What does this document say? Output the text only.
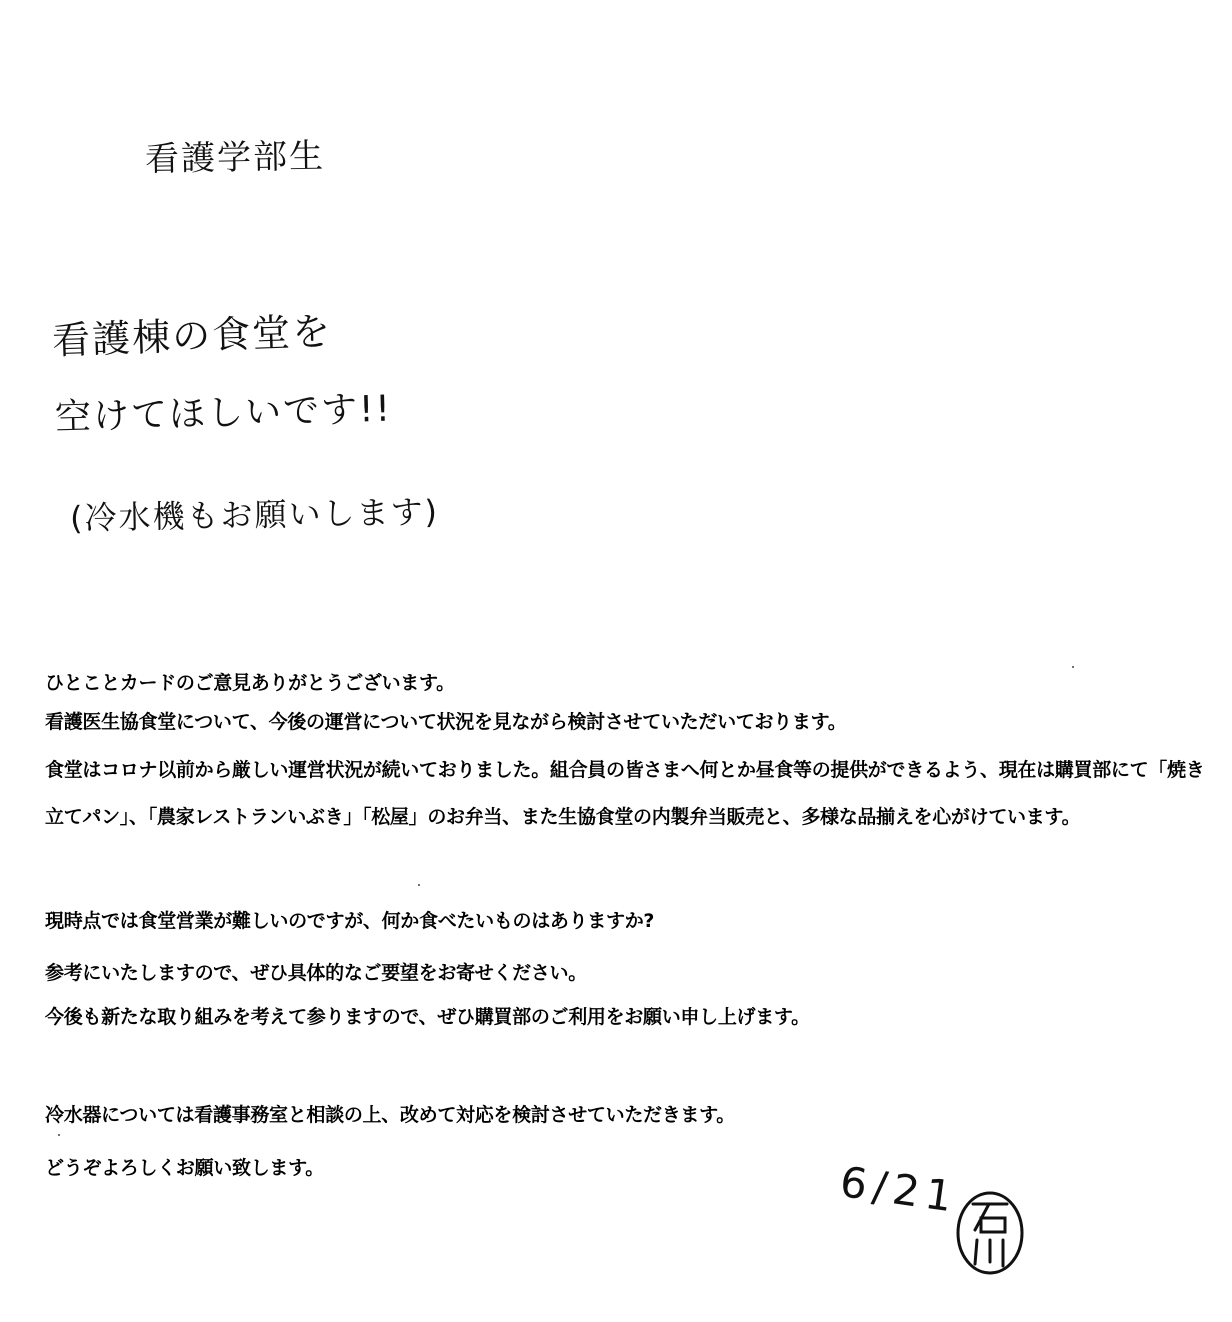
看護学部生
看護棟の食堂を
空けてほしいです!!
(冷水機もお願いします)
ひとことカードのご意見ありがとうございます。
看護医生協食堂について、今後の運営について状況を見ながら検討させていただいております。
食堂はコロナ以前から厳しい運営状況が続いておりました。組合員の皆さまへ何とか昼食等の提供ができるよう、現在は購買部にて「焼き
立てパン」、「農家レストランいぶき」「松屋」のお弁当、また生協食堂の内製弁当販売と、多様な品揃えを心がけています。
現時点では食堂営業が難しいのですが、何か食べたいものはありますか?
参考にいたしますので、ぜひ具体的なご要望をお寄せください。
今後も新たな取り組みを考えて参りますので、ぜひ購買部のご利用をお願い申し上げます。
冷水器については看護事務室と相談の上、改めて対応を検討させていただきます。
どうぞよろしくお願い致します。	6/21
